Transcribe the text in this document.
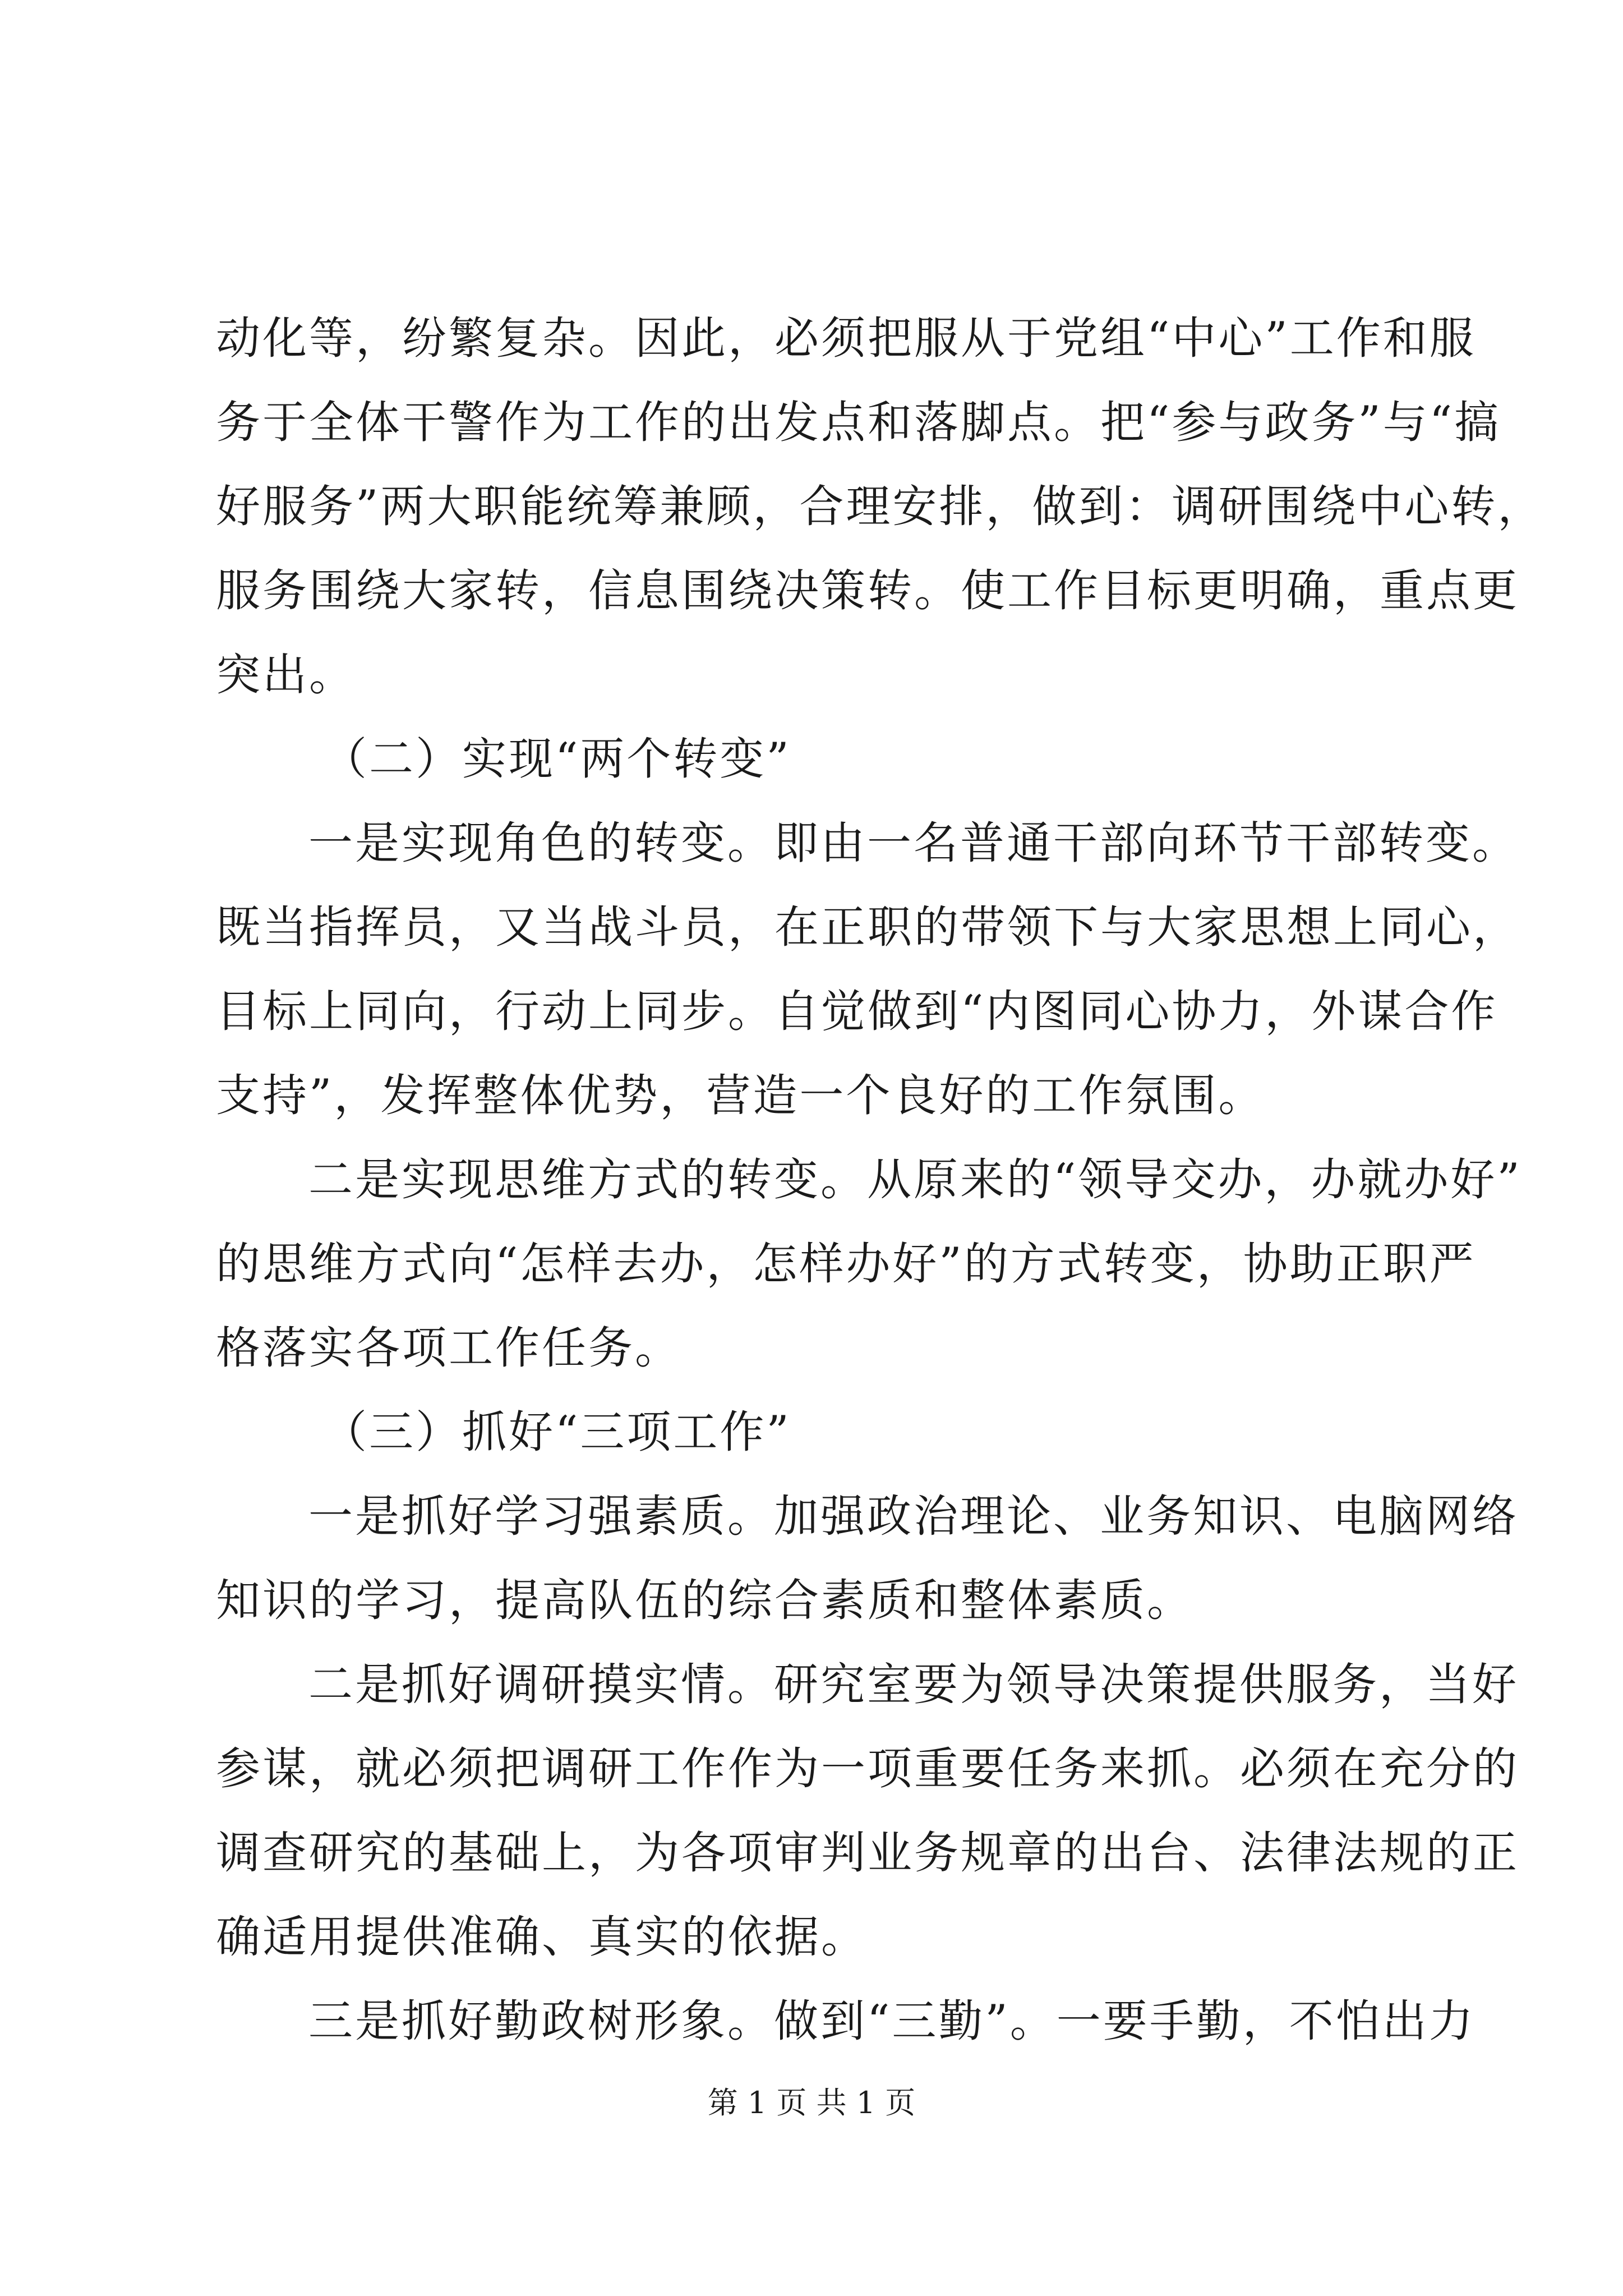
动化等，纷繁复杂。因此，必须把服从于党组“中心”工作和服
务于全体干警作为工作的出发点和落脚点。把“参与政务”与“搞
好服务”两大职能统筹兼顾，合理安排，做到：调研围绕中心转，
服务围绕大家转，信息围绕决策转。使工作目标更明确，重点更
突出。
（二）实现“两个转变”
一是实现角色的转变。即由一名普通干部向环节干部转变。
既当指挥员，又当战斗员，在正职的带领下与大家思想上同心，
目标上同向，行动上同步。自觉做到“内图同心协力，外谋合作
支持”，发挥整体优势，营造一个良好的工作氛围。
二是实现思维方式的转变。从原来的“领导交办，办就办好”
的思维方式向“怎样去办，怎样办好”的方式转变，协助正职严
格落实各项工作任务。
（三）抓好“三项工作”
一是抓好学习强素质。加强政治理论、业务知识、电脑网络
知识的学习，提高队伍的综合素质和整体素质。
二是抓好调研摸实情。研究室要为领导决策提供服务，当好
参谋，就必须把调研工作作为一项重要任务来抓。必须在充分的
调查研究的基础上，为各项审判业务规章的出台、法律法规的正
确适用提供准确、真实的依据。
三是抓好勤政树形象。做到“三勤”。一要手勤，不怕出力
第 1 页 共 1 页
